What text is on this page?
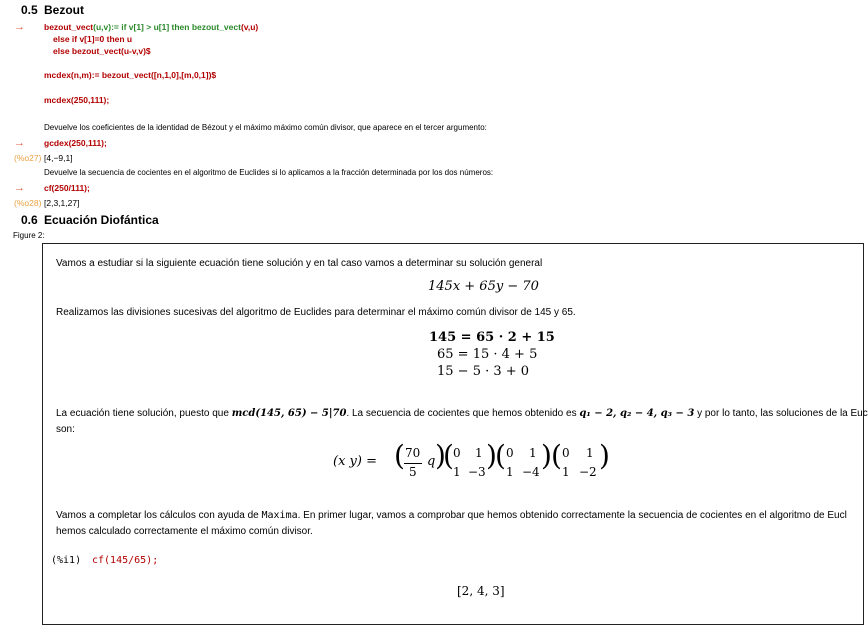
0.5 Bezout
→ bezout_vect(u,v):= if v[1] > u[1] then bezout_vect(v,u)
else if v[1]=0 then u
else bezout_vect(u-v,v)$
mcdex(n,m):= bezout_vect([n,1,0],[m,0,1])$
mcdex(250,111);
Devuelve los coeficientes de la identidad de Bézout y el máximo máximo común divisor, que aparece en el tercer argumento:
→ gcdex(250,111);
(%o27) [4,−9,1]
Devuelve la secuencia de cocientes en el algoritmo de Euclides si lo aplicamos a la fracción determinada por los dos números:
→ cf(250/111);
(%o28) [2,3,1,27]
0.6 Ecuación Diofántica
Figure 2:
Vamos a estudiar si la siguiente ecuación tiene solución y en tal caso vamos a determinar su solución general
145x + 65y − 70
Realizamos las divisiones sucesivas del algoritmo de Euclides para determinar el máximo común divisor de 145 y 65.
145 = 65 · 2 + 15
65 = 15 · 4 + 5
15 − 5 · 3 + 0
La ecuación tiene solución, puesto que mcd(145, 65) − 5|70. La secuencia de cocientes que hemos obtenido es q₁ − 2, q₂ − 4, q₃ − 3 y por lo tanto, las soluciones de la Euc
son:
(x y) = ( 70
5
q )
( 0 1
1 −3 )
( 0 1
1 −4 ) ( 0 1
1 −2 )
Vamos a completar los cálculos con ayuda de Maxima. En primer lugar, vamos a comprobar que hemos obtenido correctamente la secuencia de cocientes en el algoritmo de Eucl
hemos calculado correctamente el máximo común divisor.
(%i1) cf(145/65);
[2, 4, 3]
